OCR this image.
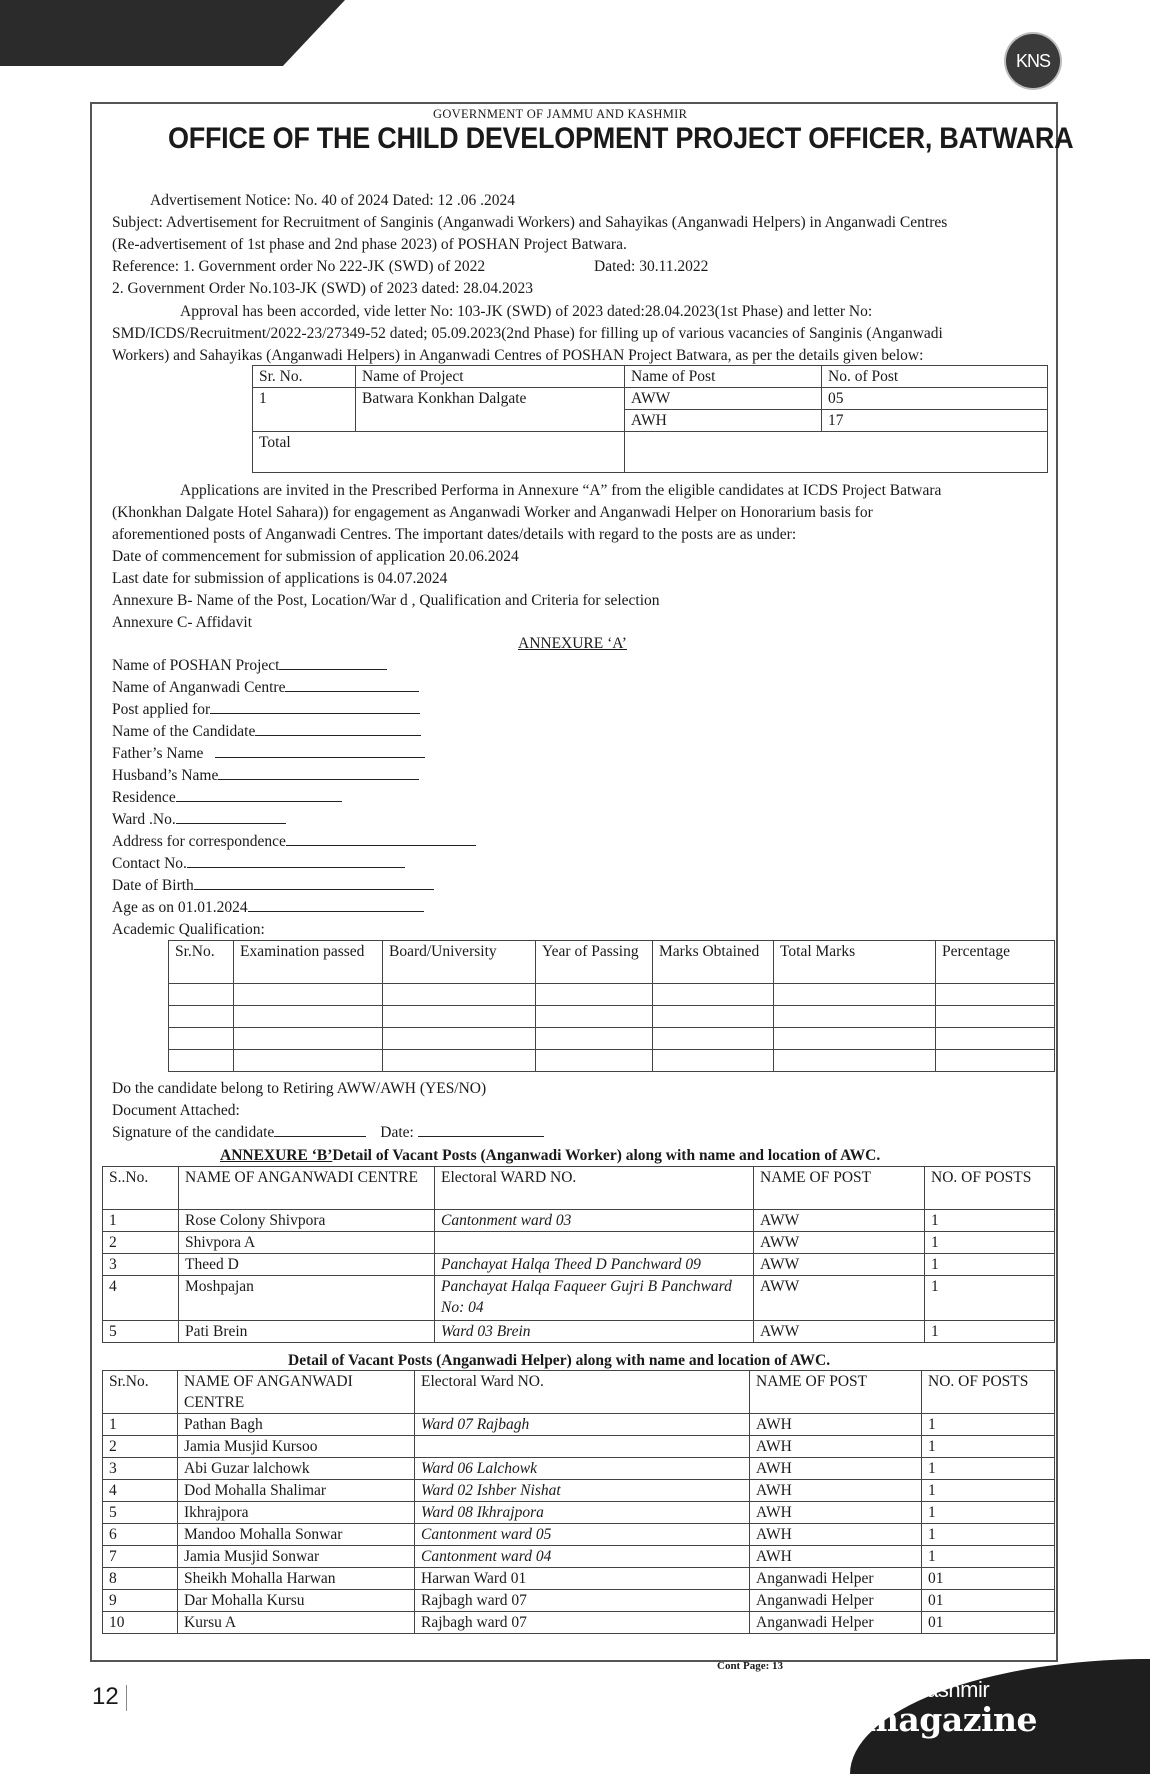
KNS
GOVERNMENT OF JAMMU AND KASHMIR
OFFICE OF THE CHILD DEVELOPMENT PROJECT OFFICER, BATWARA
Advertisement Notice: No. 40 of 2024 Dated: 12 .06 .2024
Subject: Advertisement for Recruitment of Sanginis (Anganwadi Workers) and Sahayikas (Anganwadi Helpers) in Anganwadi Centres
(Re-advertisement of 1st phase and 2nd phase 2023) of POSHAN Project Batwara.
Reference: 1. Government order No 222-JK (SWD) of 2022	Dated: 30.11.2022
2. Government Order No.103-JK (SWD) of 2023 dated: 28.04.2023
Approval has been accorded, vide letter No: 103-JK (SWD) of 2023 dated:28.04.2023(1st Phase) and letter No:
SMD/ICDS/Recruitment/2022-23/27349-52 dated; 05.09.2023(2nd Phase) for filling up of various vacancies of Sanginis (Anganwadi
Workers) and Sahayikas (Anganwadi Helpers) in Anganwadi Centres of POSHAN Project Batwara, as per the details given below:
Sr. No.	Name of Project	Name of Post	No. of Post
1	Batwara Konkhan Dalgate	AWW	05
		AWH	17
Total			
Applications are invited in the Prescribed Performa in Annexure “A” from the eligible candidates at ICDS Project Batwara
(Khonkhan Dalgate Hotel Sahara)) for engagement as Anganwadi Worker and Anganwadi Helper on Honorarium basis for
aforementioned posts of Anganwadi Centres. The important dates/details with regard to the posts are as under:
Date of commencement for submission of application 20.06.2024
Last date for submission of applications is 04.07.2024
Annexure B- Name of the Post, Location/War d , Qualification and Criteria for selection
Annexure C- Affidavit
ANNEXURE ‘A’
Name of POSHAN Project
Name of Anganwadi Centre
Post applied for
Name of the Candidate
Father’s Name
Husband’s Name
Residence
Ward .No.
Address for correspondence
Contact No.
Date of Birth
Age as on 01.01.2024
Academic Qualification:
Sr.No.	Examination passed	Board/University	Year of Passing	Marks Obtained	Total Marks	Percentage

Do the candidate belong to Retiring AWW/AWH (YES/NO)
Document Attached:
Signature of the candidate	Date:
ANNEXURE ‘B’Detail of Vacant Posts (Anganwadi Worker) along with name and location of AWC.
S..No.	NAME OF ANGANWADI CENTRE	Electoral WARD NO.	NAME OF POST	NO. OF POSTS
1	Rose Colony Shivpora	Cantonment ward 03	AWW	1
2	Shivpora A		AWW	1
3	Theed D	Panchayat Halqa Theed D Panchward 09	AWW	1
4	Moshpajan	Panchayat Halqa Faqueer Gujri B Panchward No: 04	AWW	1
5	Pati Brein	Ward 03 Brein	AWW	1
Detail of Vacant Posts (Anganwadi Helper) along with name and location of AWC.
Sr.No.	NAME OF ANGANWADI CENTRE	Electoral Ward NO.	NAME OF POST	NO. OF POSTS
1	Pathan Bagh	Ward 07 Rajbagh	AWH	1
2	Jamia Musjid Kursoo		AWH	1
3	Abi Guzar lalchowk	Ward 06 Lalchowk	AWH	1
4	Dod Mohalla Shalimar	Ward 02 Ishber Nishat	AWH	1
5	Ikhrajpora	Ward 08 Ikhrajpora	AWH	1
6	Mandoo Mohalla Sonwar	Cantonment ward 05	AWH	1
7	Jamia Musjid Sonwar	Cantonment ward 04	AWH	1
8	Sheikh Mohalla Harwan	Harwan Ward 01	Anganwadi Helper	01
9	Dar Mohalla Kursu	Rajbagh ward 07	Anganwadi Helper	01
10	Kursu A	Rajbagh ward 07	Anganwadi Helper	01
Cont Page: 13
12	The Kashmir
magazine
